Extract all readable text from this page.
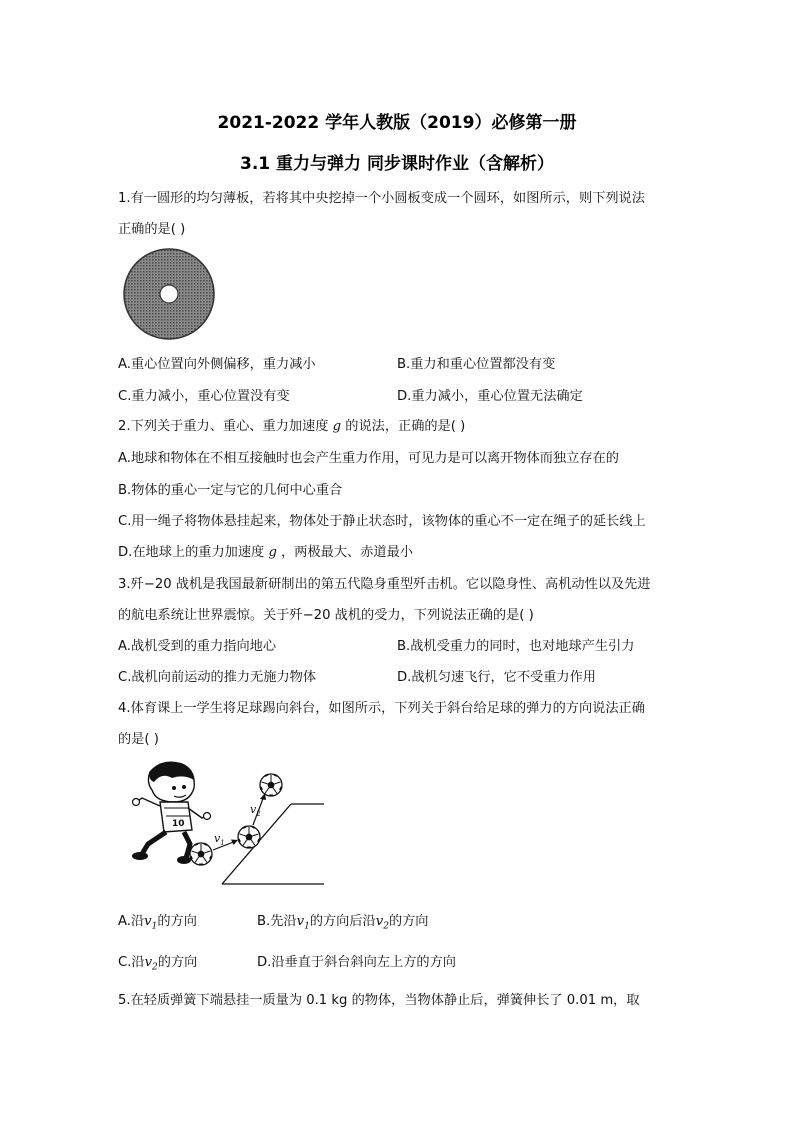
2021-2022 学年人教版（2019）必修第一册
3.1 重力与弹力 同步课时作业（含解析）
1.有一圆形的均匀薄板，若将其中央挖掉一个小圆板变成一个圆环，如图所示，则下列说法
正确的是( )
A.重心位置向外侧偏移，重力减小	B.重力和重心位置都没有变
C.重力减小，重心位置没有变	D.重力减小，重心位置无法确定
2.下列关于重力、重心、重力加速度 g 的说法，正确的是( )
A.地球和物体在不相互接触时也会产生重力作用，可见力是可以离开物体而独立存在的
B.物体的重心一定与它的几何中心重合
C.用一绳子将物体悬挂起来，物体处于静止状态时，该物体的重心不一定在绳子的延长线上
D.在地球上的重力加速度 g ，两极最大、赤道最小
3.歼−20 战机是我国最新研制出的第五代隐身重型歼击机。它以隐身性、高机动性以及先进
的航电系统让世界震惊。关于歼−20 战机的受力，下列说法正确的是( )
A.战机受到的重力指向地心	B.战机受重力的同时，也对地球产生引力
C.战机向前运动的推力无施力物体	D.战机匀速飞行，它不受重力作用
4.体育课上一学生将足球踢向斜台，如图所示，下列关于斜台给足球的弹力的方向说法正确
的是( )
10
$v_1$
$v_2$
A.沿$v_1$的方向	B.先沿$v_1$的方向后沿$v_2$的方向
C.沿$v_2$的方向	D.沿垂直于斜台斜向左上方的方向
5.在轻质弹簧下端悬挂一质量为 0.1 kg 的物体，当物体静止后，弹簧伸长了 0.01 m，取
